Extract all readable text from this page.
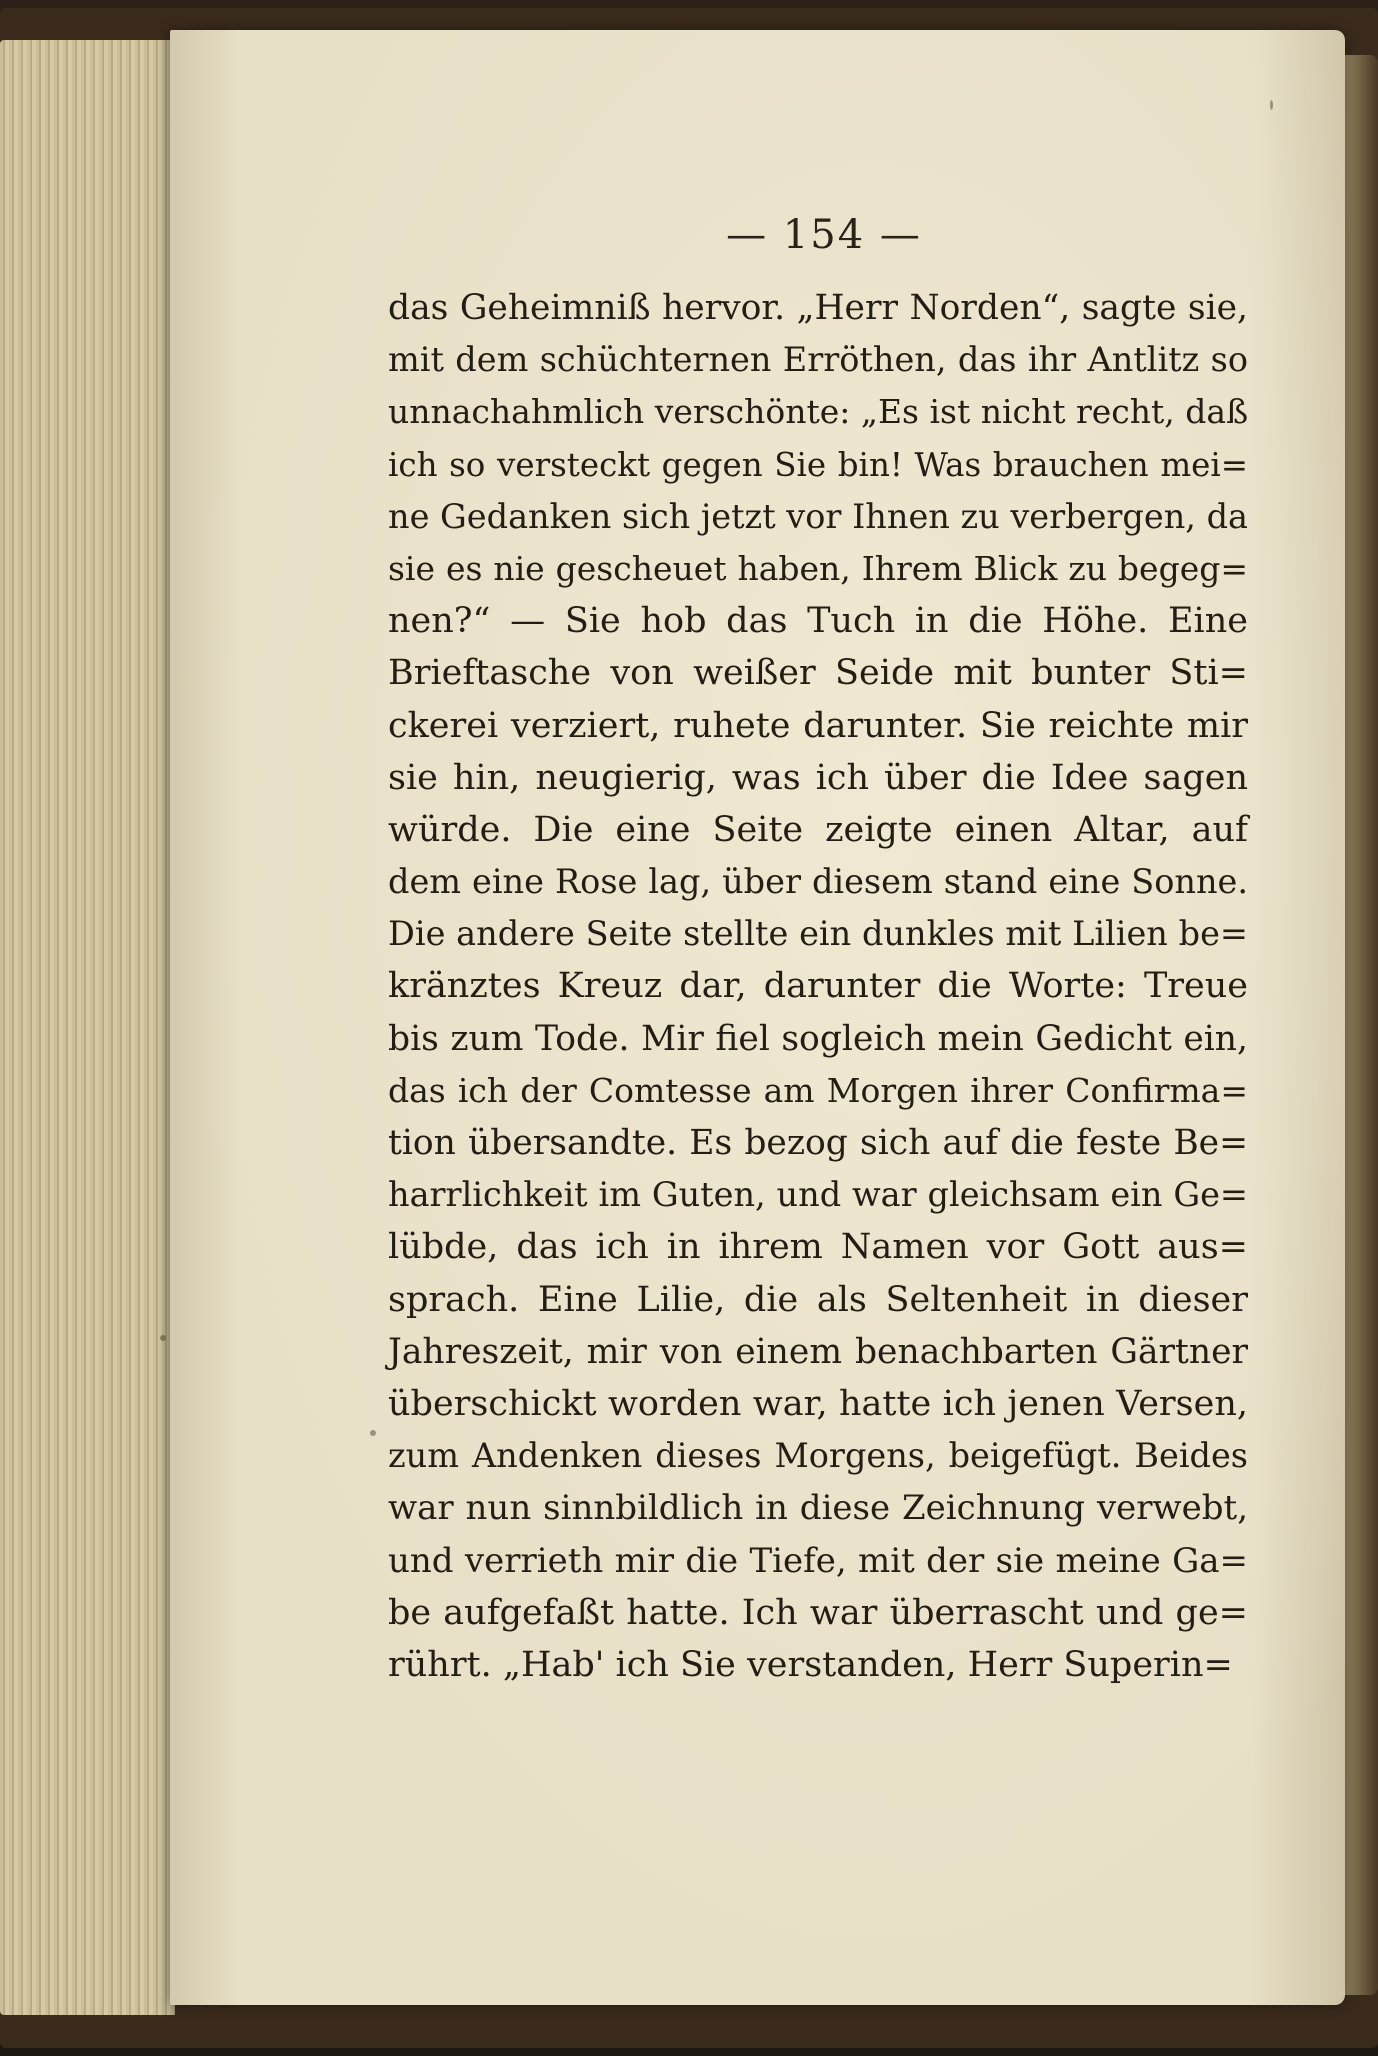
— 154 —
das Geheimniß hervor. „Herr Norden“, sagte sie,
mit dem schüchternen Erröthen, das ihr Antlitz so
unnachahmlich verschönte: „Es ist nicht recht, daß
ich so versteckt gegen Sie bin! Was brauchen mei=
ne Gedanken sich jetzt vor Ihnen zu verbergen, da
sie es nie gescheuet haben, Ihrem Blick zu begeg=
nen?“ — Sie hob das Tuch in die Höhe. Eine
Brieftasche von weißer Seide mit bunter Sti=
ckerei verziert, ruhete darunter. Sie reichte mir
sie hin, neugierig, was ich über die Idee sagen
würde. Die eine Seite zeigte einen Altar, auf
dem eine Rose lag, über diesem stand eine Sonne.
Die andere Seite stellte ein dunkles mit Lilien be=
kränztes Kreuz dar, darunter die Worte: Treue
bis zum Tode. Mir fiel sogleich mein Gedicht ein,
das ich der Comtesse am Morgen ihrer Confirma=
tion übersandte. Es bezog sich auf die feste Be=
harrlichkeit im Guten, und war gleichsam ein Ge=
lübde, das ich in ihrem Namen vor Gott aus=
sprach. Eine Lilie, die als Seltenheit in dieser
Jahreszeit, mir von einem benachbarten Gärtner
überschickt worden war, hatte ich jenen Versen,
zum Andenken dieses Morgens, beigefügt. Beides
war nun sinnbildlich in diese Zeichnung verwebt,
und verrieth mir die Tiefe, mit der sie meine Ga=
be aufgefaßt hatte. Ich war überrascht und ge=
rührt. „Hab' ich Sie verstanden, Herr Superin=
